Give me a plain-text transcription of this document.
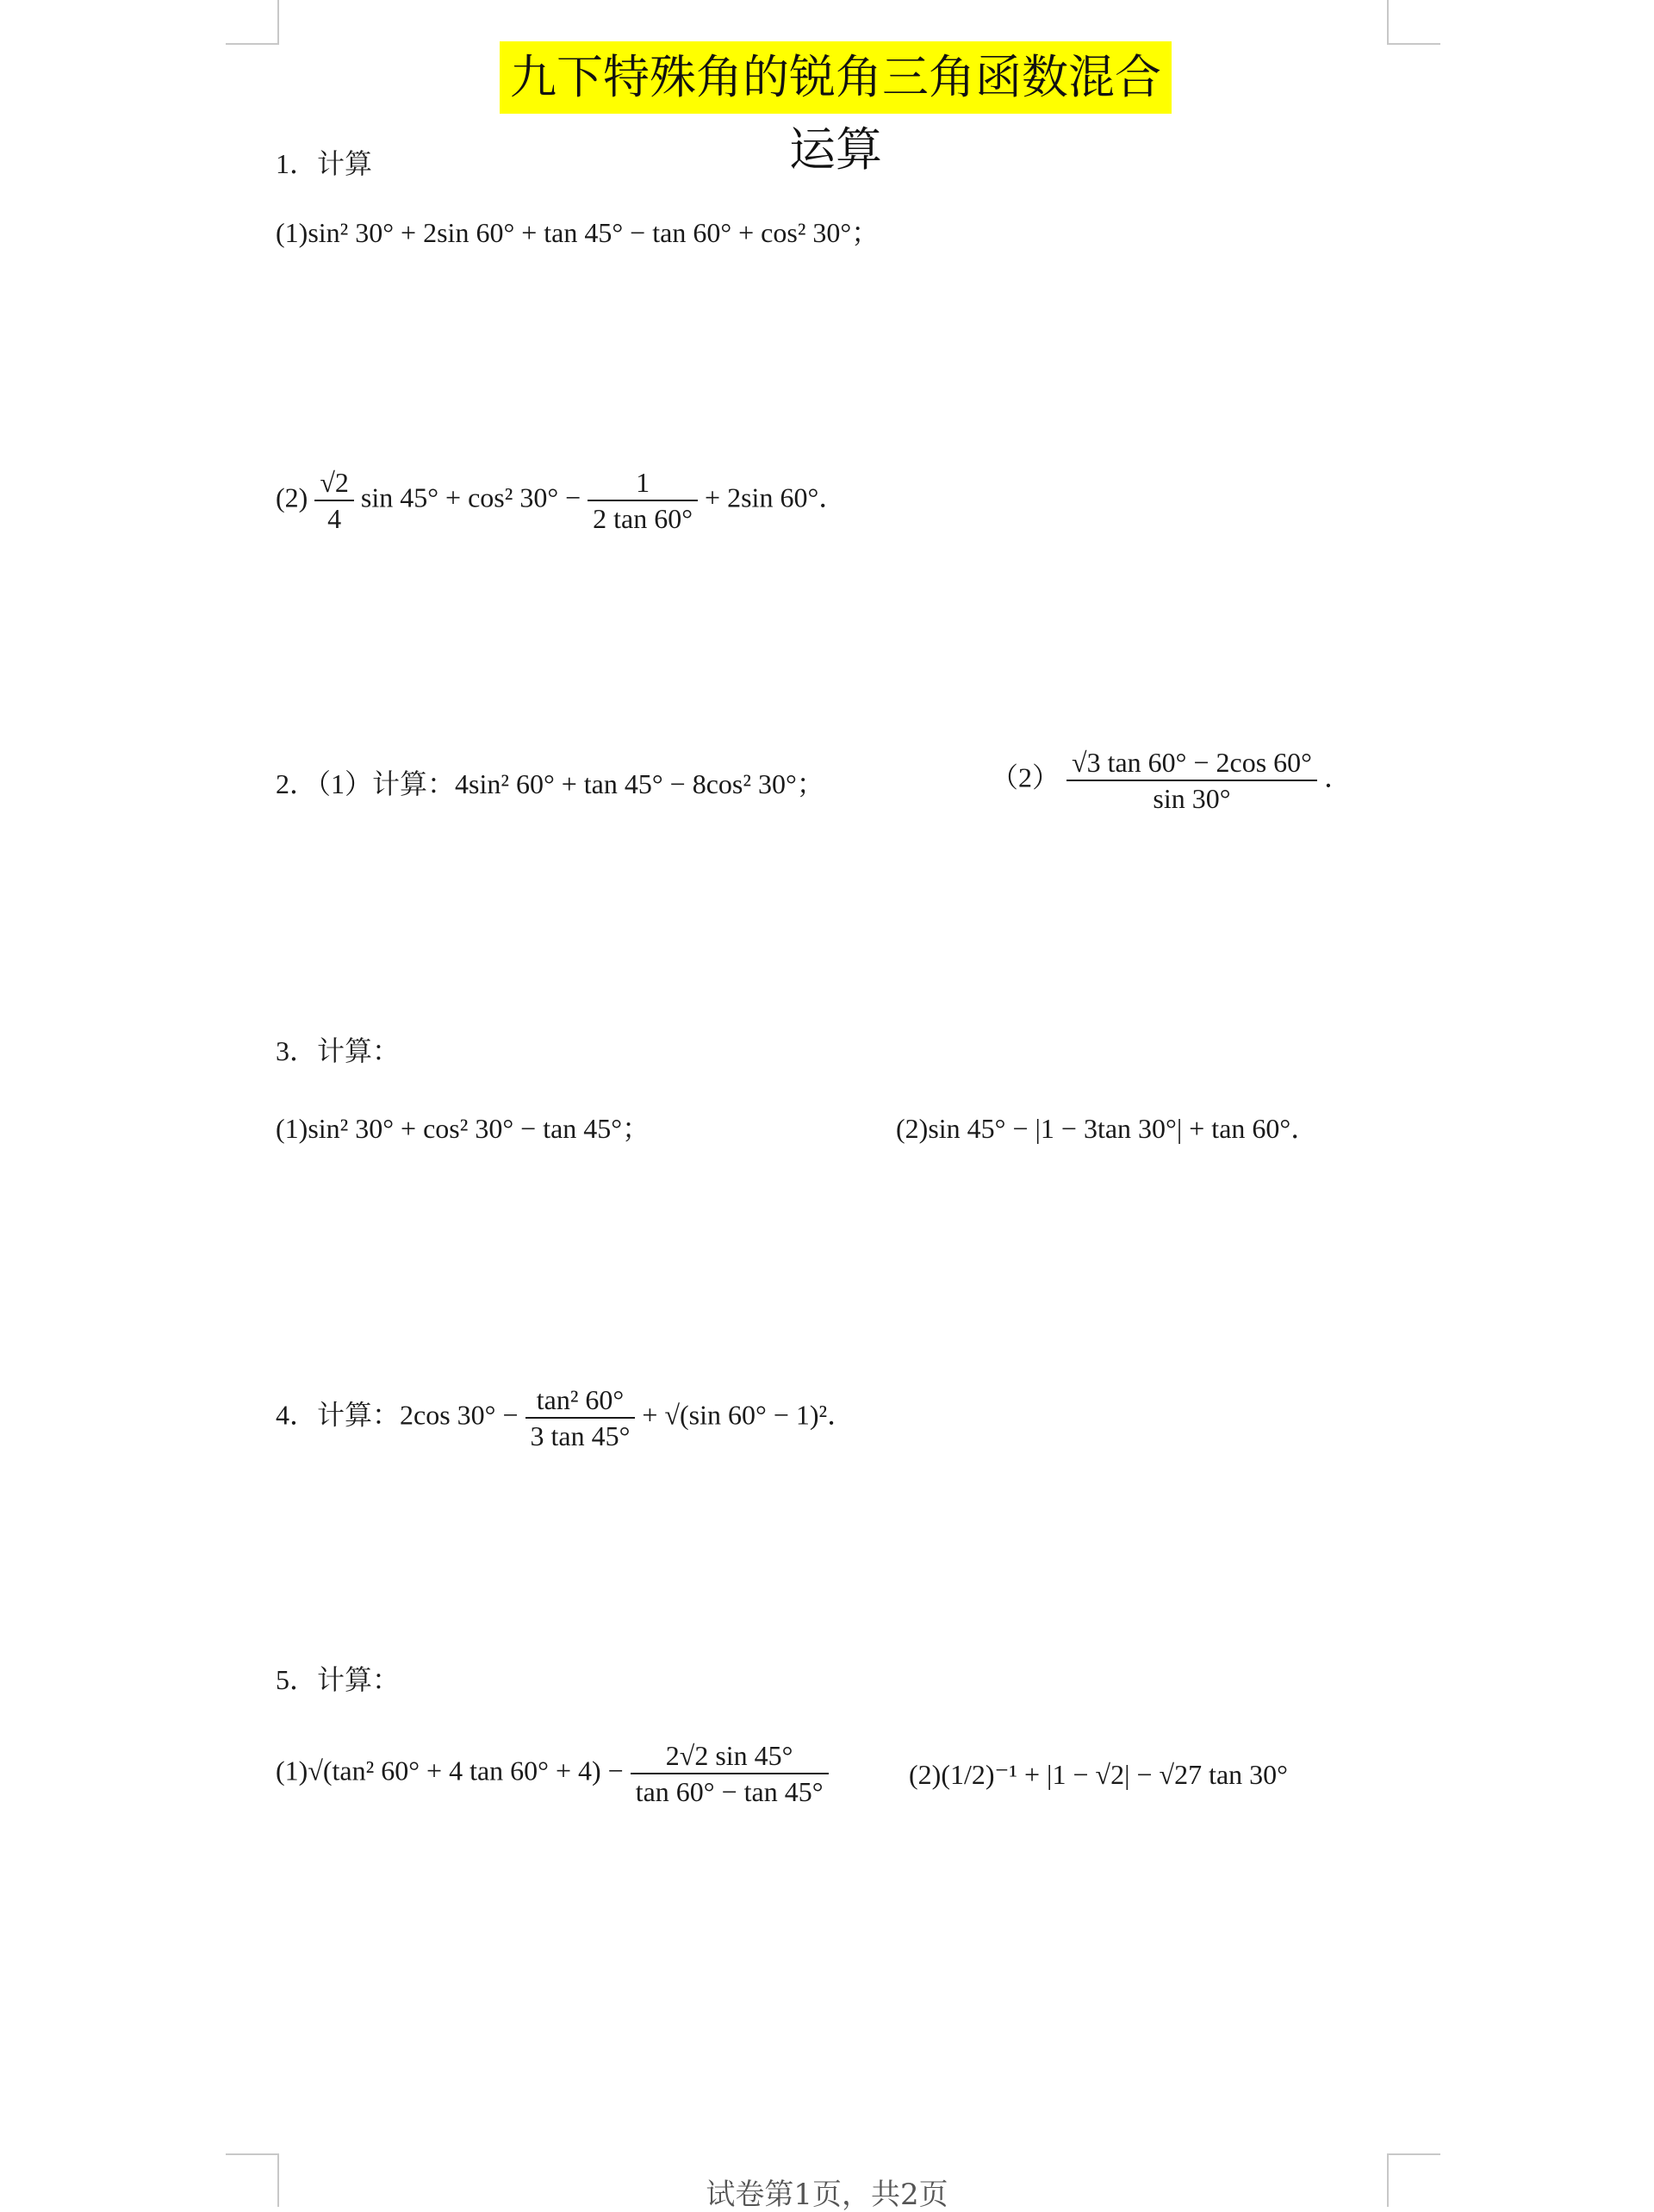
九下特殊角的锐角三角函数混合运算
1．计算
(1)sin² 30° + 2sin 60° + tan 45° − tan 60° + cos² 30°；
$(2) \frac{√2}{4}$ sin 45° + cos² $30^\circ - \frac{1}{2 \tan 60^\circ} + 2\sin$ 60°．
2．（1）计算：4sin² 60° + tan 45° − 8cos² 30°；	$(2) \frac{√3 \tan 60^\circ - 2\cos 60^\circ}{\sin 30^\circ}$ ．
3．计算：
(1)sin² 30° + cos² 30° − tan 45°；	(2)sin 45° − |1 − 3tan 30°| + tan 60°．
4．计算：2cos $30^\circ - \frac{\text{tan² 60°}}{3 \tan 45^\circ} + √(\sin$ 60° − 1)²．
5．计算：
(1)√(tan² 60° + 4 $\tan 60^\circ + 4) - \frac{2√2 \sin 45^\circ}{\tan 60^\circ - \tan 45^\circ}$	(2)(1/2)⁻¹ + |1 − √2| − √27 tan 30°
试卷第1页，共2页
